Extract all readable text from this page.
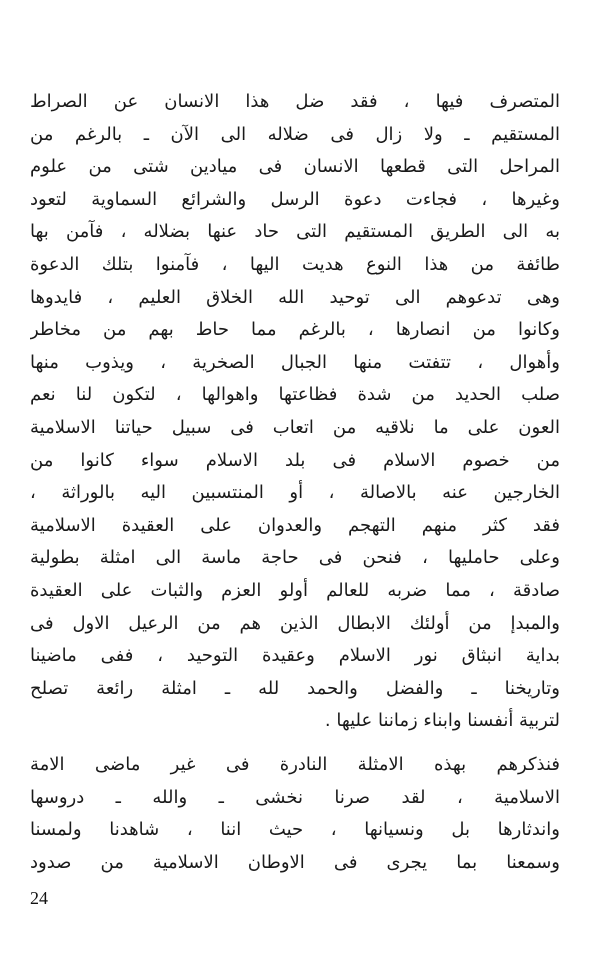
المتصرف فيها ، فقد ضل هذا الانسان عن الصراط
المستقيم ـ ولا زال فى ضلاله الى الآن ـ بالرغم من
المراحل التى قطعها الانسان فى ميادين شتى من علوم
وغيرها ، فجاءت دعوة الرسل والشرائع السماوية لتعود
به الى الطريق المستقيم التى حاد عنها بضلاله ، فآمن بها
طائفة من هذا النوع هديت اليها ، فآمنوا بتلك الدعوة
وهى تدعوهم الى توحيد الله الخلاق العليم ، فايدوها
وكانوا من انصارها ، بالرغم مما حاط بهم من مخاطر
وأهوال ، تتفتت منها الجبال الصخرية ، ويذوب منها
صلب الحديد من شدة فظاعتها واهوالها ، لتكون لنا نعم
العون على ما نلاقيه من اتعاب فى سبيل حياتنا الاسلامية
من خصوم الاسلام فى بلد الاسلام سواء كانوا من
الخارجين عنه بالاصالة ، أو المنتسبين اليه بالوراثة ،
فقد كثر منهم التهجم والعدوان على العقيدة الاسلامية
وعلى حامليها ، فنحن فى حاجة ماسة الى امثلة بطولية
صادقة ، مما ضربه للعالم أولو العزم والثبات على العقيدة
والمبدإ من أولئك الابطال الذين هم من الرعيل الاول فى
بداية انبثاق نور الاسلام وعقيدة التوحيد ، ففى ماضينا
وتاريخنا ـ والفضل والحمد لله ـ امثلة رائعة تصلح
لتربية أنفسنا وابناء زماننا عليها .
فنذكرهم بهذه الامثلة النادرة فى غير ماضى الامة
الاسلامية ، لقد صرنا نخشى ـ والله ـ دروسها
واندثارها بل ونسيانها ، حيث اننا ، شاهدنا ولمسنا
وسمعنا بما يجرى فى الاوطان الاسلامية من صدود
24
